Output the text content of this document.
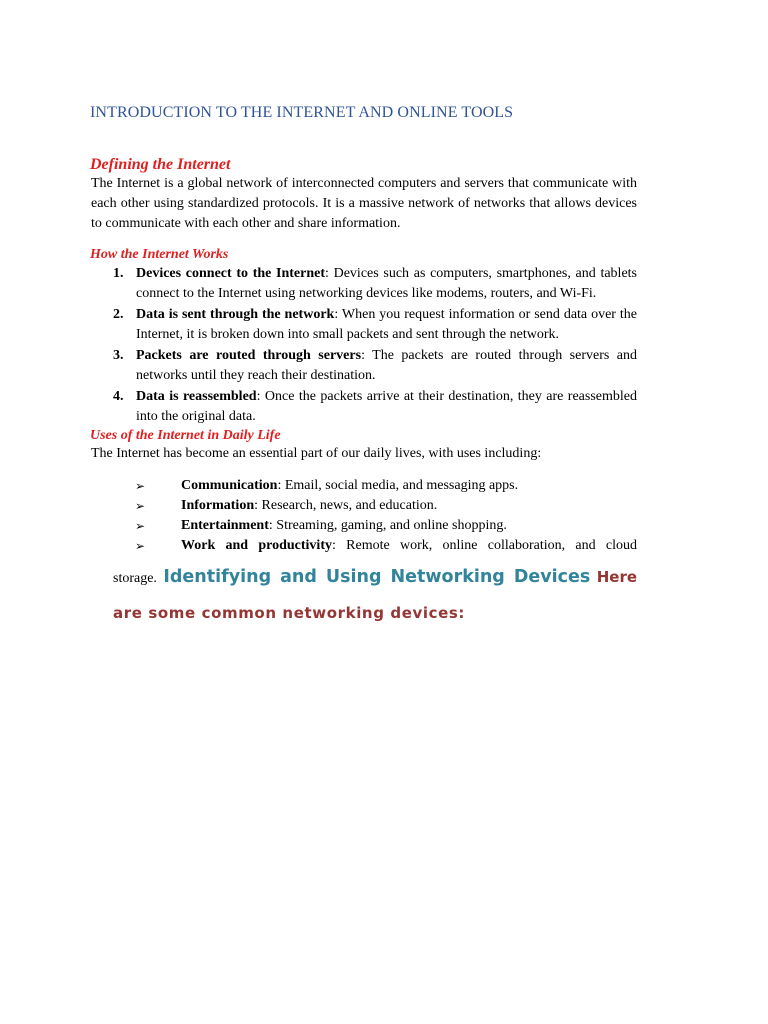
INTRODUCTION TO THE INTERNET AND ONLINE TOOLS
Defining the Internet

The Internet is a global network of interconnected computers and servers that communicate with each other using standardized protocols. It is a massive network of networks that allows devices to communicate with each other and share information.

How the Internet Works
1. Devices connect to the Internet: Devices such as computers, smartphones, and tablets connect to the Internet using networking devices like modems, routers, and Wi-Fi.
2. Data is sent through the network: When you request information or send data over the Internet, it is broken down into small packets and sent through the network.
3. Packets are routed through servers: The packets are routed through servers and networks until they reach their destination.
4. Data is reassembled: Once the packets arrive at their destination, they are reassembled into the original data.
Uses of the Internet in Daily Life

The Internet has become an essential part of our daily lives, with uses including:

➢	Communication: Email, social media, and messaging apps.
➢	Information: Research, news, and education.
➢	Entertainment: Streaming, gaming, and online shopping.
➢	Work and productivity: Remote work, online collaboration, and cloud
storage. Identifying and Using Networking Devices Here
are some common networking devices:
